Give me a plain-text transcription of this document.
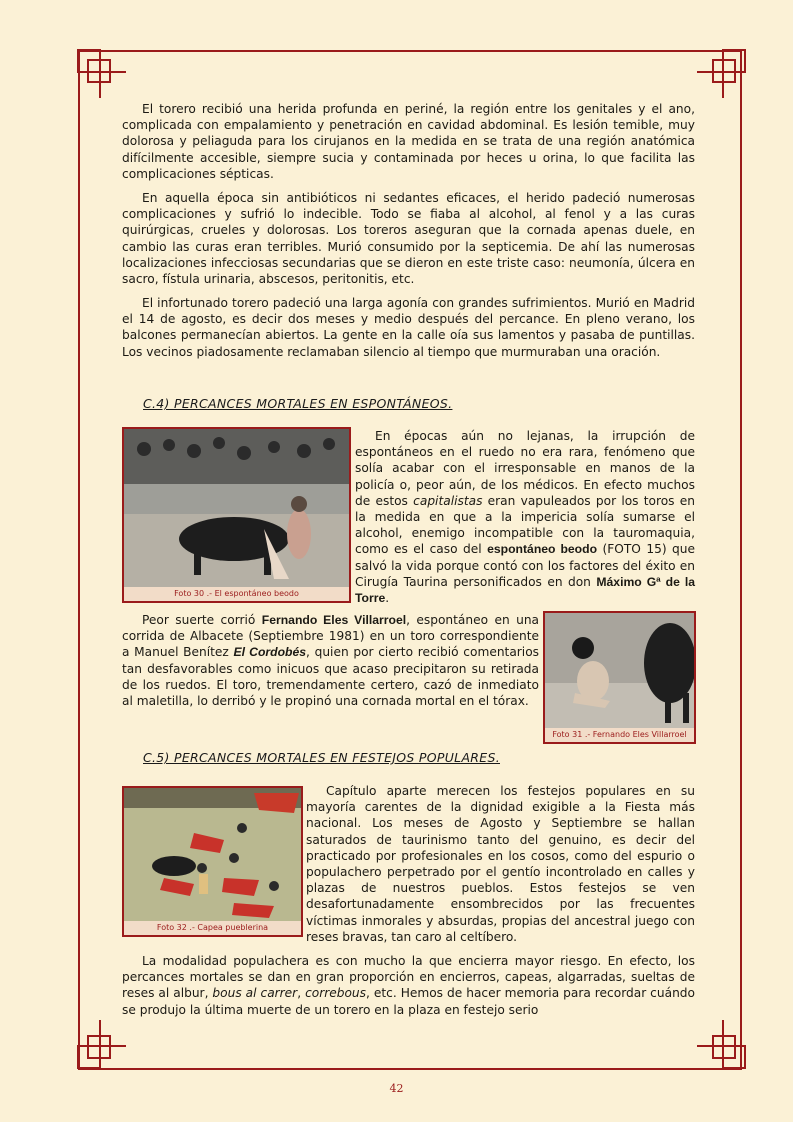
El torero recibió una herida profunda en periné, la región entre los genitales y el ano, complicada con empalamiento y penetración en cavidad abdominal. Es lesión temible, muy dolorosa y peliaguda para los cirujanos en la medida en se trata de una región anatómica difícilmente accesible, siempre sucia y contaminada por heces u orina, lo que facilita las complicaciones sépticas.

En aquella época sin antibióticos ni sedantes eficaces, el herido padeció numerosas complicaciones y sufrió lo indecible. Todo se fiaba al alcohol, al fenol y a las curas quirúrgicas, crueles y dolorosas. Los toreros aseguran que la cornada apenas duele, en cambio las curas eran terribles. Murió consumido por la septicemia. De ahí las numerosas localizaciones infecciosas secundarias que se dieron en este triste caso: neumonía, úlcera en sacro, fístula urinaria, abscesos, peritonitis, etc.

El infortunado torero padeció una larga agonía con grandes sufrimientos. Murió en Madrid el 14 de agosto, es decir dos meses y medio después del percance. En pleno verano, los balcones permanecían abiertos. La gente en la calle oía sus lamentos y pasaba de puntillas. Los vecinos piadosamente reclamaban silencio al tiempo que murmuraban una oración.

C.4) PERCANCES MORTALES EN ESPONTÁNEOS.
Foto 30 .- El espontáneo beodo

En épocas aún no lejanas, la irrupción de espontáneos en el ruedo no era rara, fenómeno que solía acabar con el irresponsable en manos de la policía o, peor aún, de los médicos. En efecto muchos de estos capitalistas eran vapuleados por los toros en la medida en que a la impericia solía sumarse el alcohol, enemigo incompatible con la tauromaquia, como es el caso del espontáneo beodo (FOTO 15) que salvó la vida porque contó con los factores del éxito en Cirugía Taurina personificados en don Máximo Gª de la Torre.

Foto 31 .- Fernando Eles Villarroel

Peor suerte corrió Fernando Eles Villarroel, espontáneo en una corrida de Albacete (Septiembre 1981) en un toro correspondiente a Manuel Benítez El Cordobés, quien por cierto recibió comentarios tan desfavorables como inicuos que acaso precipitaron su retirada de los ruedos. El toro, tremendamente certero, cazó de inmediato al maletilla, lo derribó y le propinó una cornada mortal en el tórax.

C.5) PERCANCES MORTALES EN FESTEJOS POPULARES.
Foto 32 .- Capea pueblerina

Capítulo aparte merecen los festejos populares en su mayoría carentes de la dignidad exigible a la Fiesta más nacional. Los meses de Agosto y Septiembre se hallan saturados de taurinismo tanto del genuino, es decir del practicado por profesionales en los cosos, como del espurio o populachero perpetrado por el gentío incontrolado en calles y plazas de nuestros pueblos. Estos festejos se ven desafortunadamente ensombrecidos por las frecuentes víctimas inmorales y absurdas, propias del ancestral juego con reses bravas, tan caro al celtíbero.

La modalidad populachera es con mucho la que encierra mayor riesgo. En efecto, los percances mortales se dan en gran proporción en encierros, capeas, algarradas, sueltas de reses al albur, bous al carrer, correbous, etc. Hemos de hacer memoria para recordar cuándo se produjo la última muerte de un torero en la plaza en festejo serio

42
